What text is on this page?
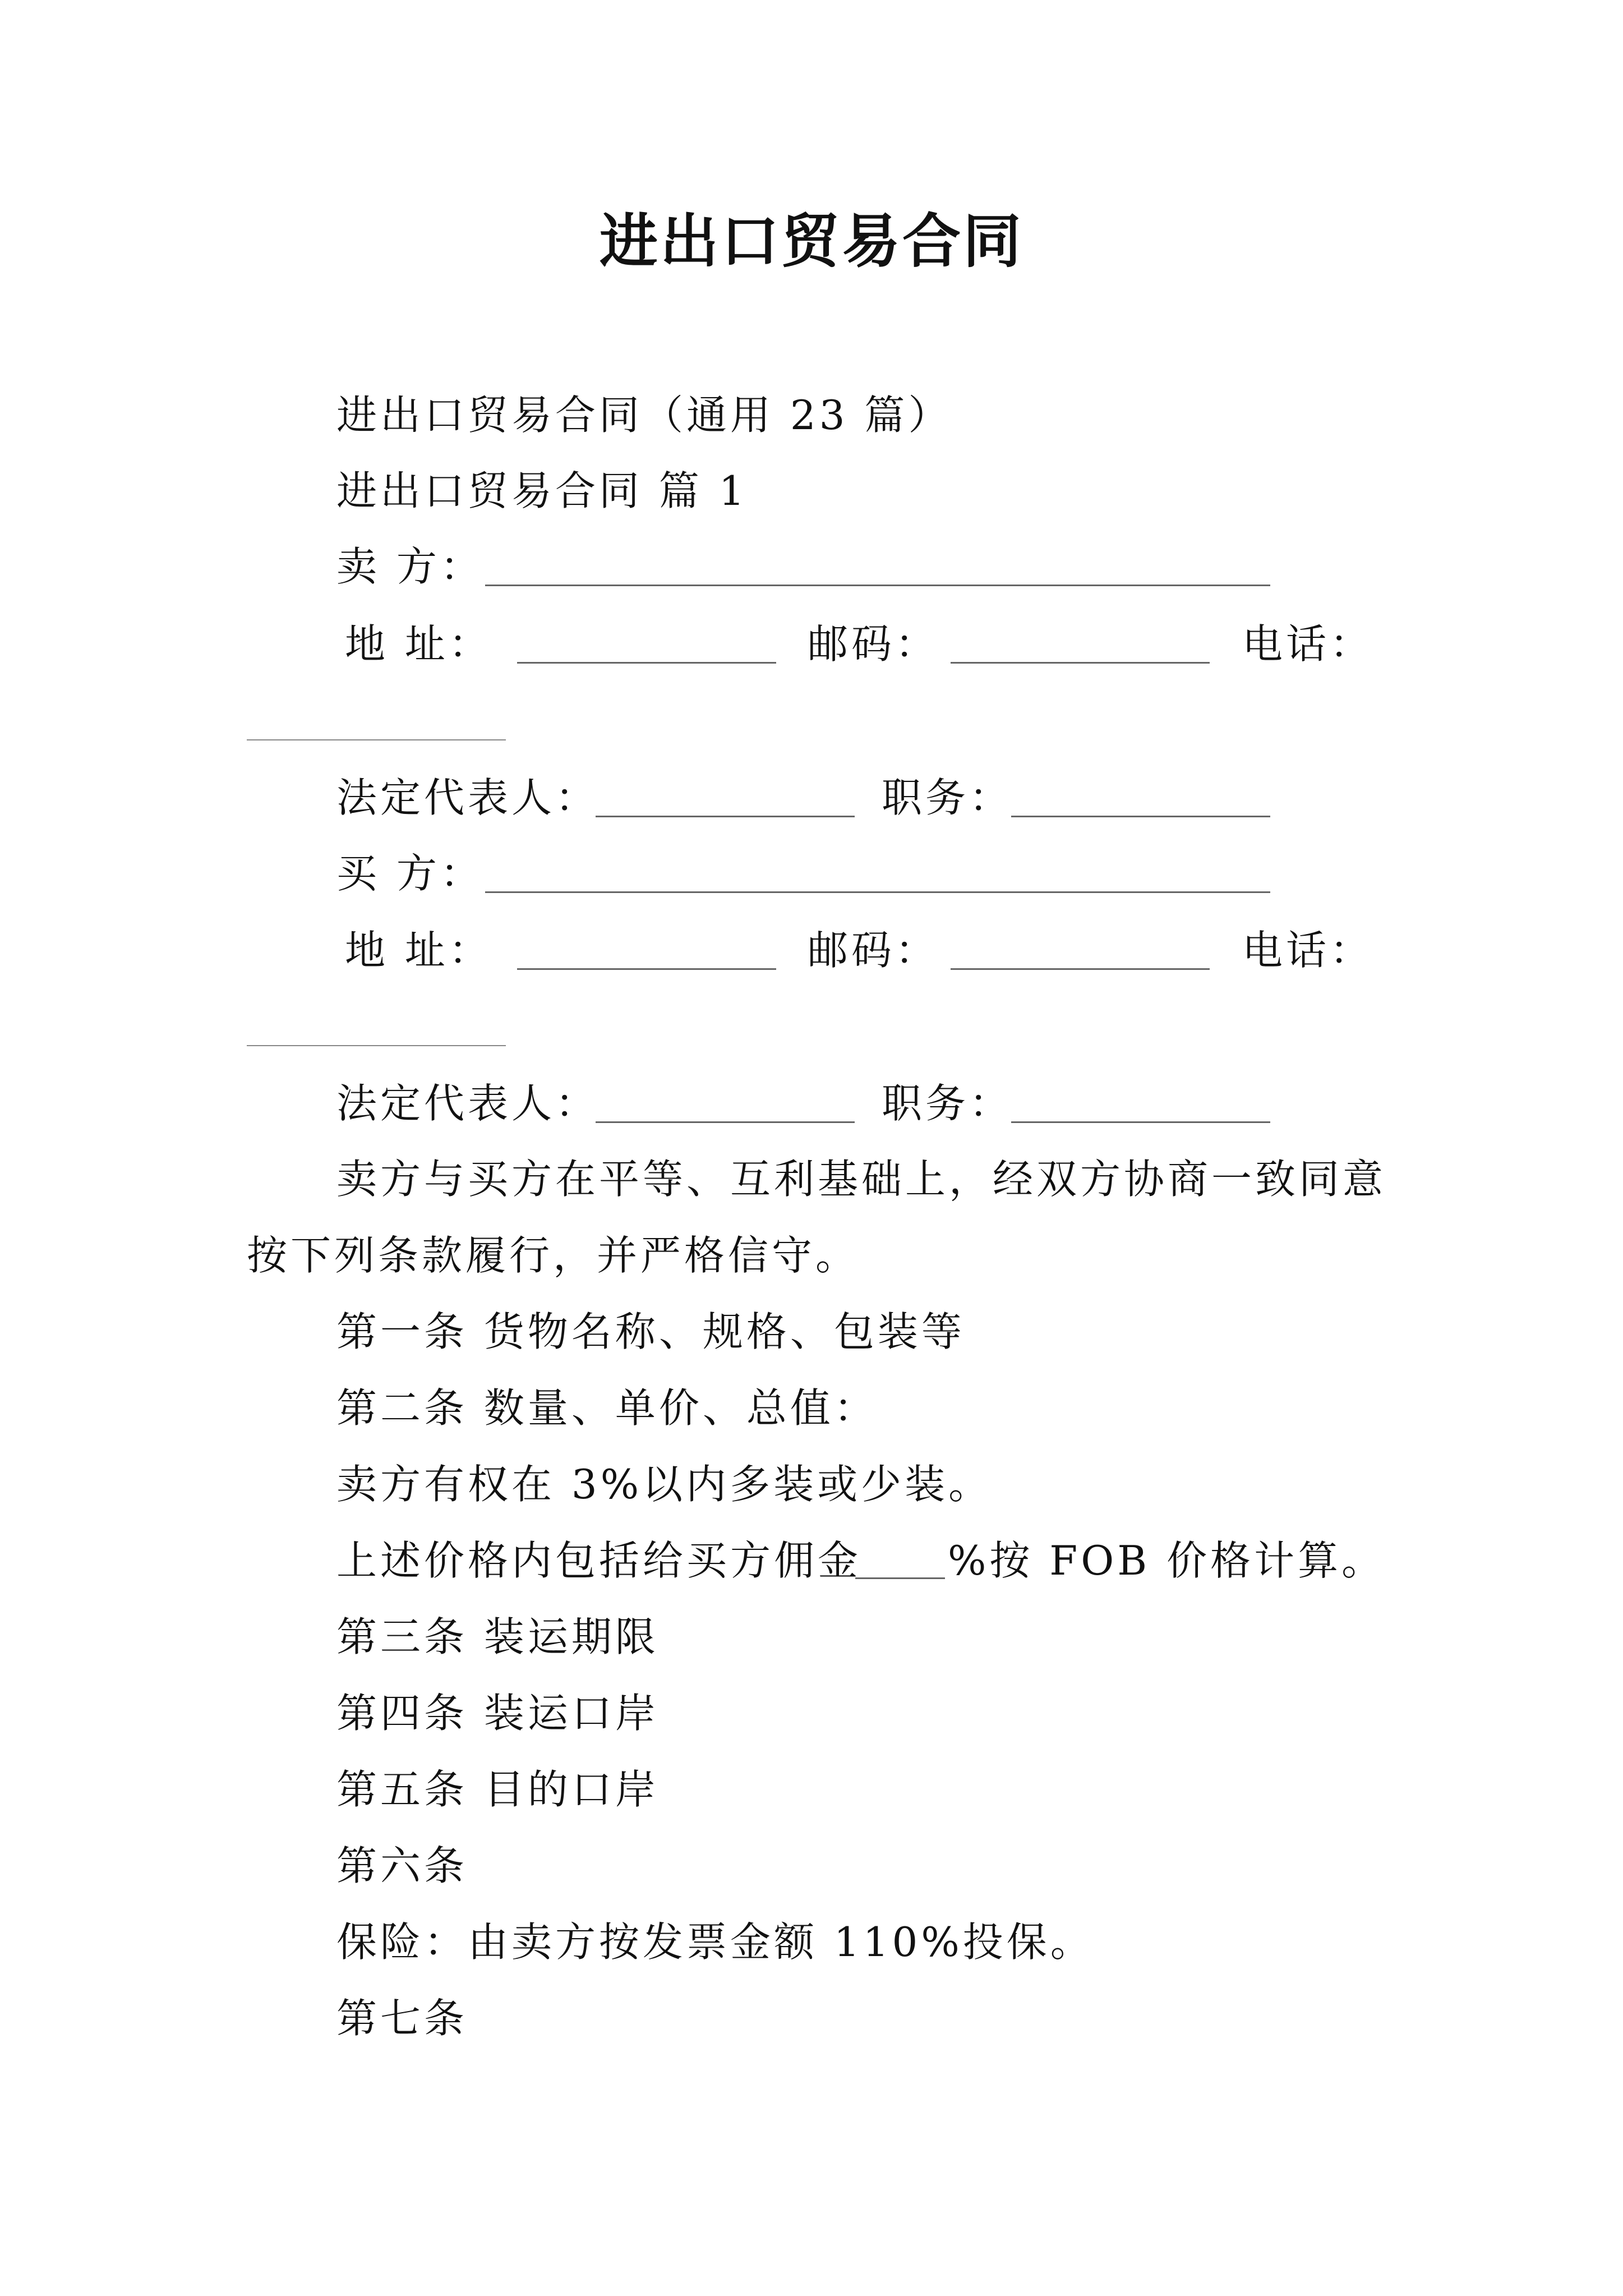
进出口贸易合同
进出口贸易合同（通用 23 篇）
进出口贸易合同 篇 1
卖 方：
地 址：	邮码：	电话：
法定代表人：	职务：
买 方：
地 址：	邮码：	电话：
法定代表人：	职务：
卖方与买方在平等、互利基础上，经双方协商一致同意
按下列条款履行，并严格信守。
第一条 货物名称、规格、包装等
第二条 数量、单价、总值：
卖方有权在 3%以内多装或少装。
上述价格内包括给买方佣金 %按 FOB 价格计算。
第三条 装运期限
第四条 装运口岸
第五条 目的口岸
第六条
保险：由卖方按发票金额 110%投保。
第七条
